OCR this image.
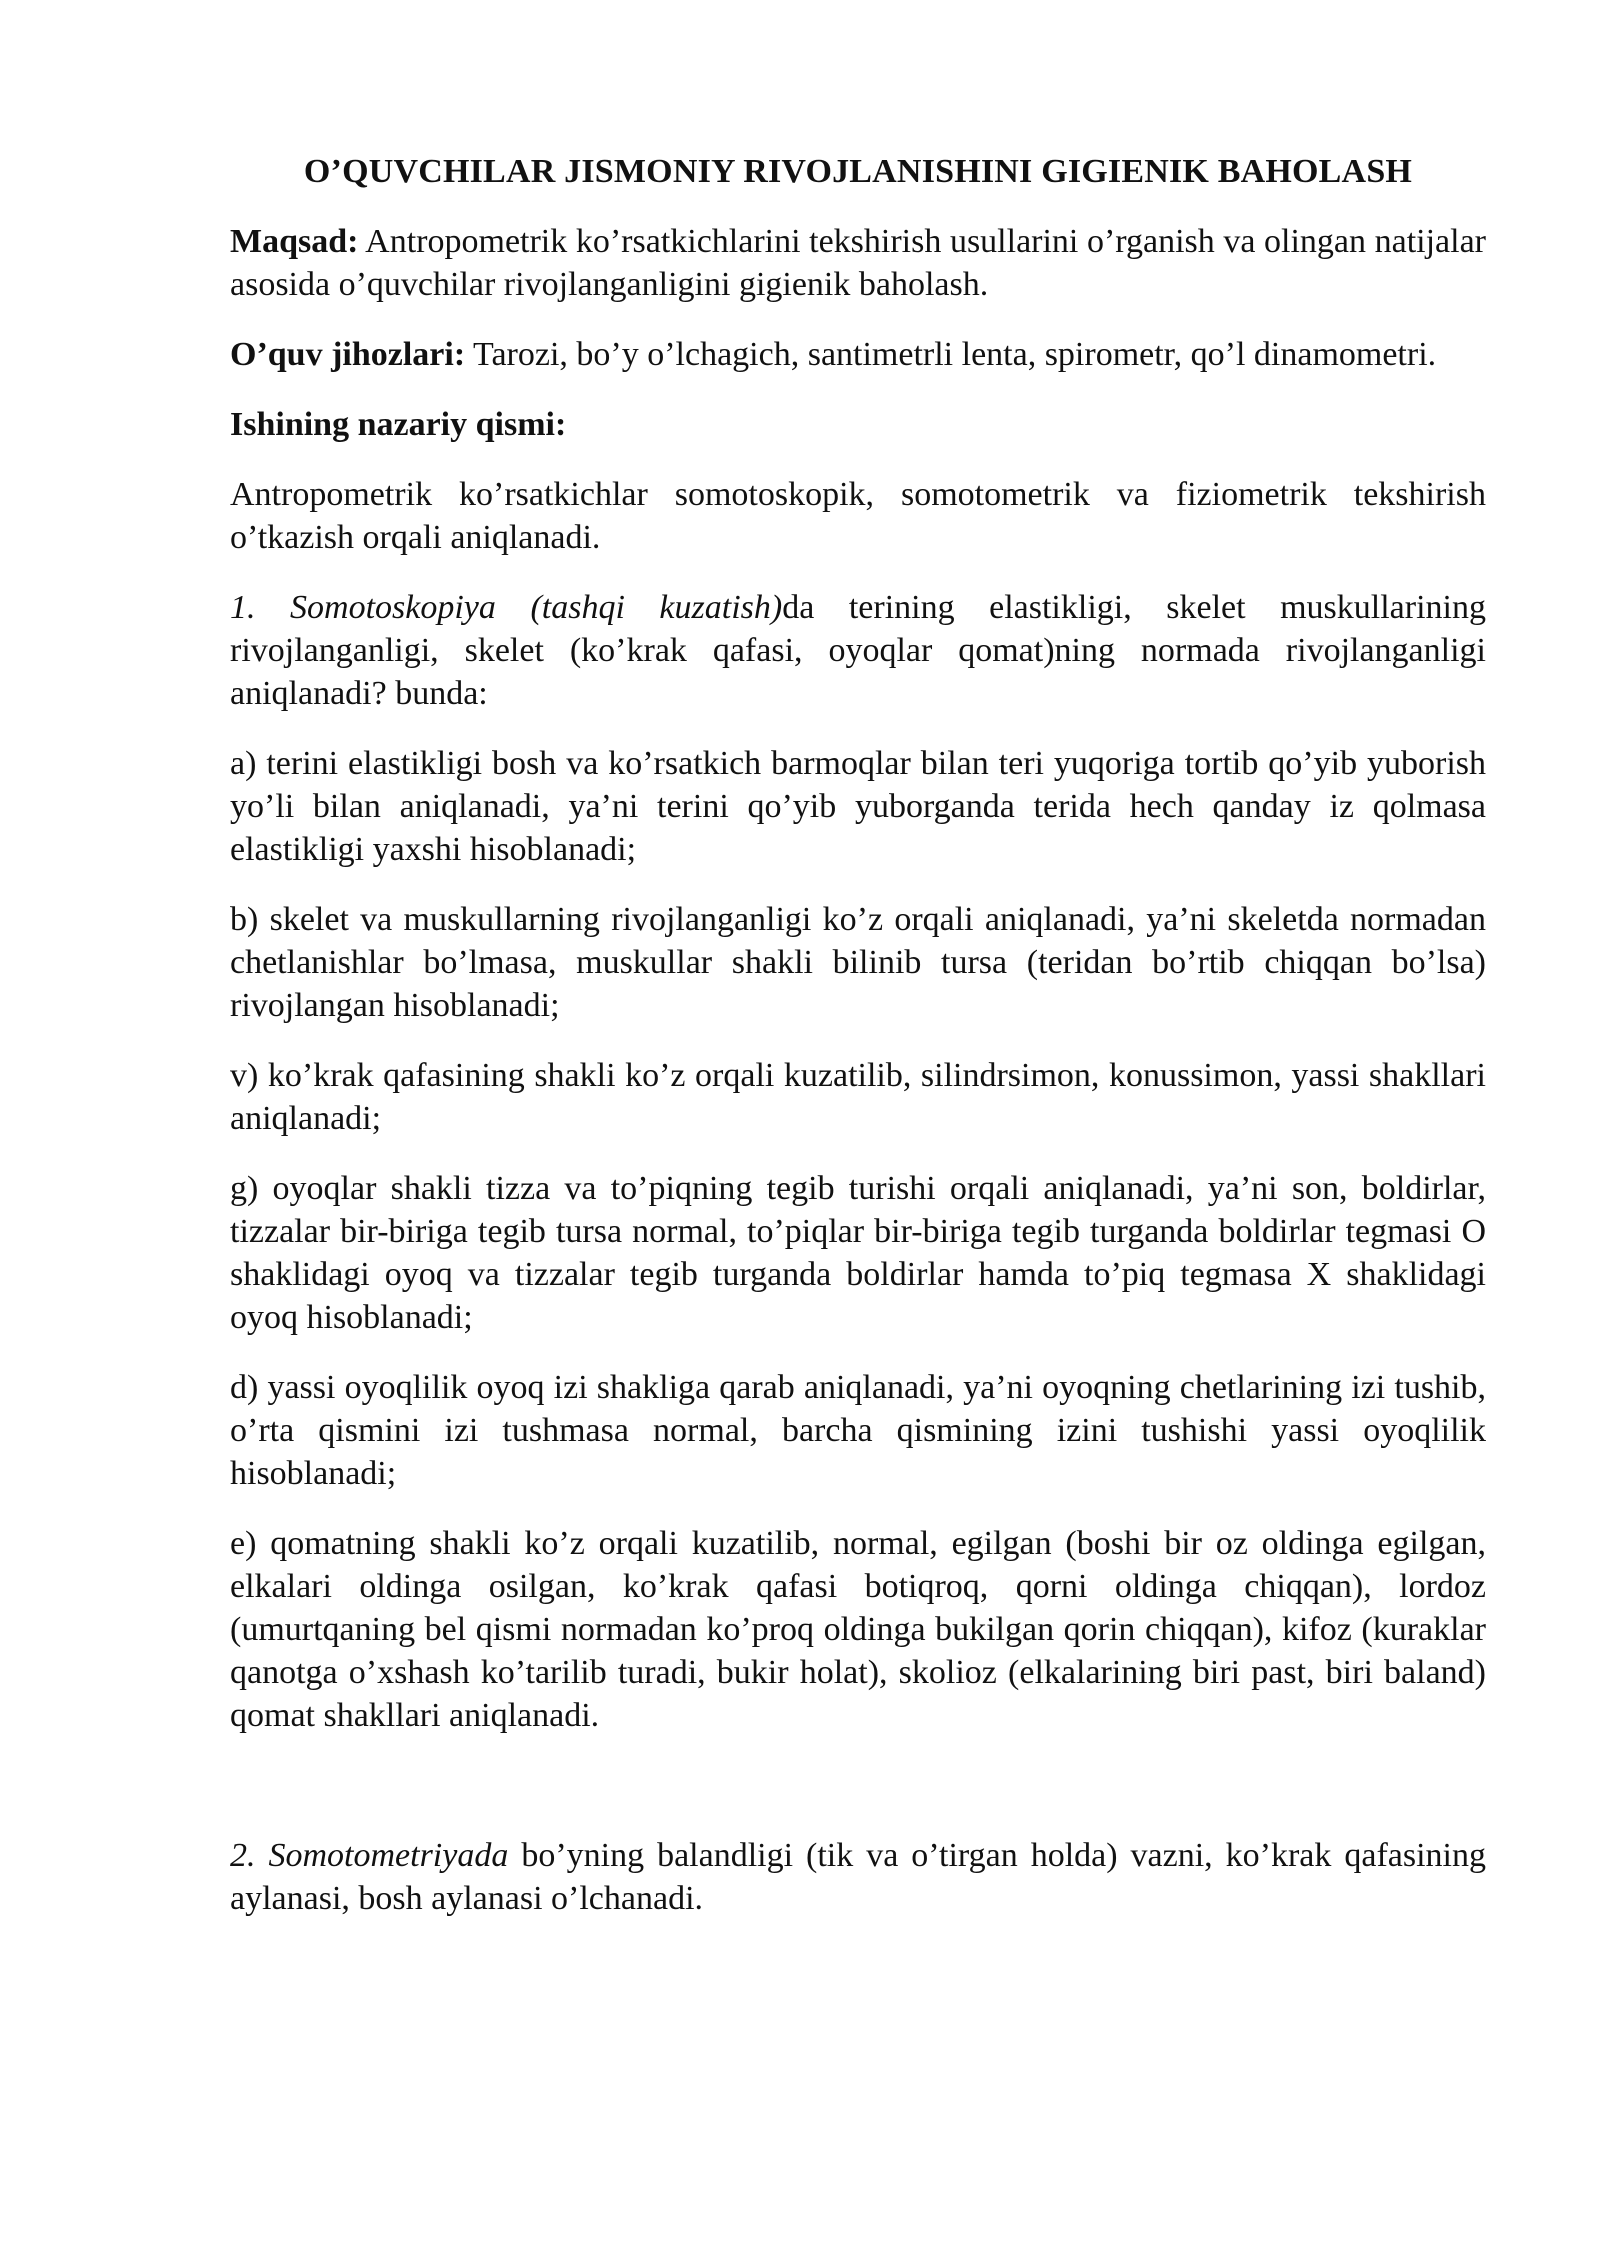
O’QUVCHILAR JISMONIY RIVOJLANISHINI GIGIENIK BAHOLASH

Maqsad: Antropometrik ko’rsatkichlarini tekshirish usullarini o’rganish va olingan natijalar asosida o’quvchilar rivojlanganligini gigienik baholash.

O’quv jihozlari: Tarozi, bo’y o’lchagich, santimetrli lenta, spirometr, qo’l dinamometri.

Ishining nazariy qismi:

Antropometrik ko’rsatkichlar somotoskopik, somotometrik va fiziometrik tekshirish o’tkazish orqali aniqlanadi.

1. Somotoskopiya (tashqi kuzatish)da terining elastikligi, skelet muskullarining rivojlanganligi, skelet (ko’krak qafasi, oyoqlar qomat)ning normada rivojlanganligi aniqlanadi? bunda:

a) terini elastikligi bosh va ko’rsatkich barmoqlar bilan teri yuqoriga tortib qo’yib yuborish yo’li bilan aniqlanadi, ya’ni terini qo’yib yuborganda terida hech qanday iz qolmasa elastikligi yaxshi hisoblanadi;

b) skelet va muskullarning rivojlanganligi ko’z orqali aniqlanadi, ya’ni skeletda normadan chetlanishlar bo’lmasa, muskullar shakli bilinib tursa (teridan bo’rtib chiqqan bo’lsa) rivojlangan hisoblanadi;

v) ko’krak qafasining shakli ko’z orqali kuzatilib, silindrsimon, konussimon, yassi shakllari aniqlanadi;

g) oyoqlar shakli tizza va to’piqning tegib turishi orqali aniqlanadi, ya’ni son, boldirlar, tizzalar bir-biriga tegib tursa normal, to’piqlar bir-biriga tegib turganda boldirlar tegmasi O shaklidagi oyoq va tizzalar tegib turganda boldirlar hamda to’piq tegmasa X shaklidagi oyoq hisoblanadi;

d) yassi oyoqlilik oyoq izi shakliga qarab aniqlanadi, ya’ni oyoqning chetlarining izi tushib, o’rta qismini izi tushmasa normal, barcha qismining izini tushishi yassi oyoqlilik hisoblanadi;

e) qomatning shakli ko’z orqali kuzatilib, normal, egilgan (boshi bir oz oldinga egilgan, elkalari oldinga osilgan, ko’krak qafasi botiqroq, qorni oldinga chiqqan), lordoz (umurtqaning bel qismi normadan ko’proq oldinga bukilgan qorin chiqqan), kifoz (kuraklar qanotga o’xshash ko’tarilib turadi, bukir holat), skolioz (elkalarining biri past, biri baland) qomat shakllari aniqlanadi.

2. Somotometriyada bo’yning balandligi (tik va o’tirgan holda) vazni, ko’krak qafasining aylanasi, bosh aylanasi o’lchanadi.
